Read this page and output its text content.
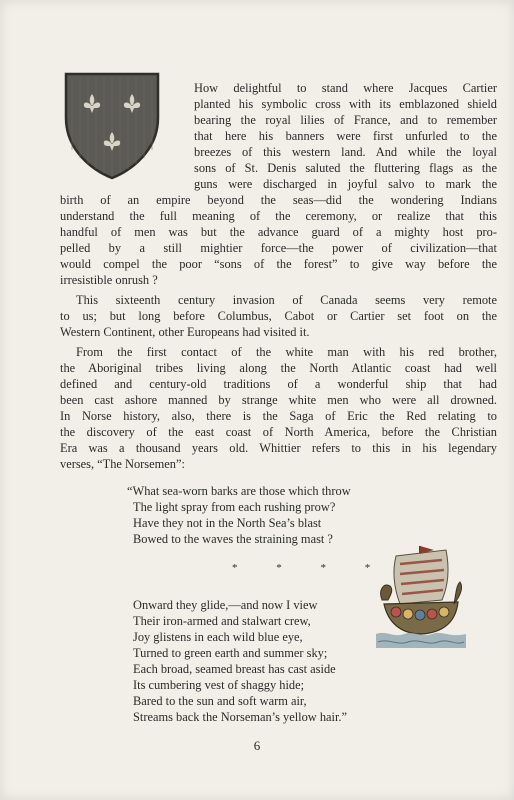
How delightful to stand where Jacques Cartier
planted his symbolic cross with its emblazoned shield
bearing the royal lilies of France, and to remember
that here his banners were first unfurled to the
breezes of this western land. And while the loyal
sons of St. Denis saluted the fluttering flags as the
guns were discharged in joyful salvo to mark the
birth of an empire beyond the seas—did the wondering Indians
understand the full meaning of the ceremony, or realize that this
handful of men was but the advance guard of a mighty host pro-
pelled by a still mightier force—the power of civilization—that
would compel the poor “sons of the forest” to give way before the
irresistible onrush ?
This sixteenth century invasion of Canada seems very remote
to us; but long before Columbus, Cabot or Cartier set foot on the
Western Continent, other Europeans had visited it.
From the first contact of the white man with his red brother,
the Aboriginal tribes living along the North Atlantic coast had well
defined and century-old traditions of a wonderful ship that had
been cast ashore manned by strange white men who were all drowned.
In Norse history, also, there is the Saga of Eric the Red relating to
the discovery of the east coast of North America, before the Christian
Era was a thousand years old. Whittier refers to this in his legendary
verses, “The Norsemen”:
“What sea-worn barks are those which throw
The light spray from each rushing prow?
Have they not in the North Sea’s blast
Bowed to the waves the straining mast ?
* * * *
Onward they glide,—and now I view
Their iron-armed and stalwart crew,
Joy glistens in each wild blue eye,
Turned to green earth and summer sky;
Each broad, seamed breast has cast aside
Its cumbering vest of shaggy hide;
Bared to the sun and soft warm air,
Streams back the Norseman’s yellow hair.”
6
